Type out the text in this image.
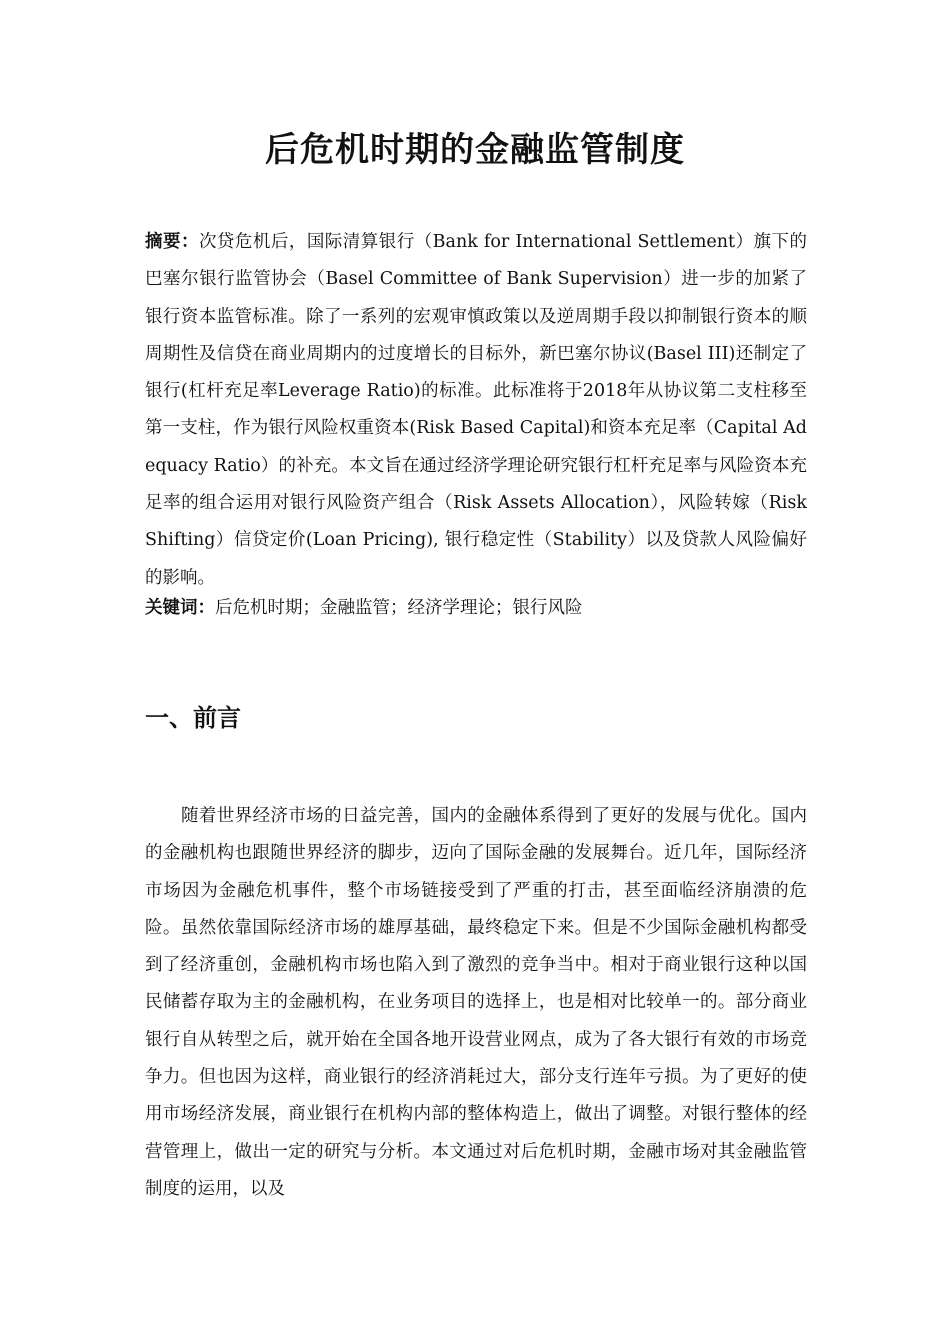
后危机时期的金融监管制度
摘要：次贷危机后，国际清算银行（Bank for International Settlement）旗下的巴塞尔银行监管协会（Basel Committee of Bank Supervision）进一步的加紧了银行资本监管标准。除了一系列的宏观审慎政策以及逆周期手段以抑制银行资本的顺周期性及信贷在商业周期内的过度增长的目标外，新巴塞尔协议(Basel III)还制定了银行(杠杆充足率Leverage Ratio)的标准。此标准将于2018年从协议第二支柱移至第一支柱，作为银行风险权重资本(Risk Based Capital)和资本充足率（Capital Adequacy Ratio）的补充。本文旨在通过经济学理论研究银行杠杆充足率与风险资本充足率的组合运用对银行风险资产组合（Risk Assets Allocation），风险转嫁（Risk Shifting）信贷定价(Loan Pricing), 银行稳定性（Stability）以及贷款人风险偏好的影响。
关键词：后危机时期；金融监管；经济学理论；银行风险
一、前言
随着世界经济市场的日益完善，国内的金融体系得到了更好的发展与优化。国内的金融机构也跟随世界经济的脚步，迈向了国际金融的发展舞台。近几年，国际经济市场因为金融危机事件，整个市场链接受到了严重的打击，甚至面临经济崩溃的危险。虽然依靠国际经济市场的雄厚基础，最终稳定下来。但是不少国际金融机构都受到了经济重创，金融机构市场也陷入到了激烈的竞争当中。相对于商业银行这种以国民储蓄存取为主的金融机构，在业务项目的选择上，也是相对比较单一的。部分商业银行自从转型之后，就开始在全国各地开设营业网点，成为了各大银行有效的市场竞争力。但也因为这样，商业银行的经济消耗过大，部分支行连年亏损。为了更好的使用市场经济发展，商业银行在机构内部的整体构造上，做出了调整。对银行整体的经营管理上，做出一定的研究与分析。本文通过对后危机时期，金融市场对其金融监管制度的运用，以及
